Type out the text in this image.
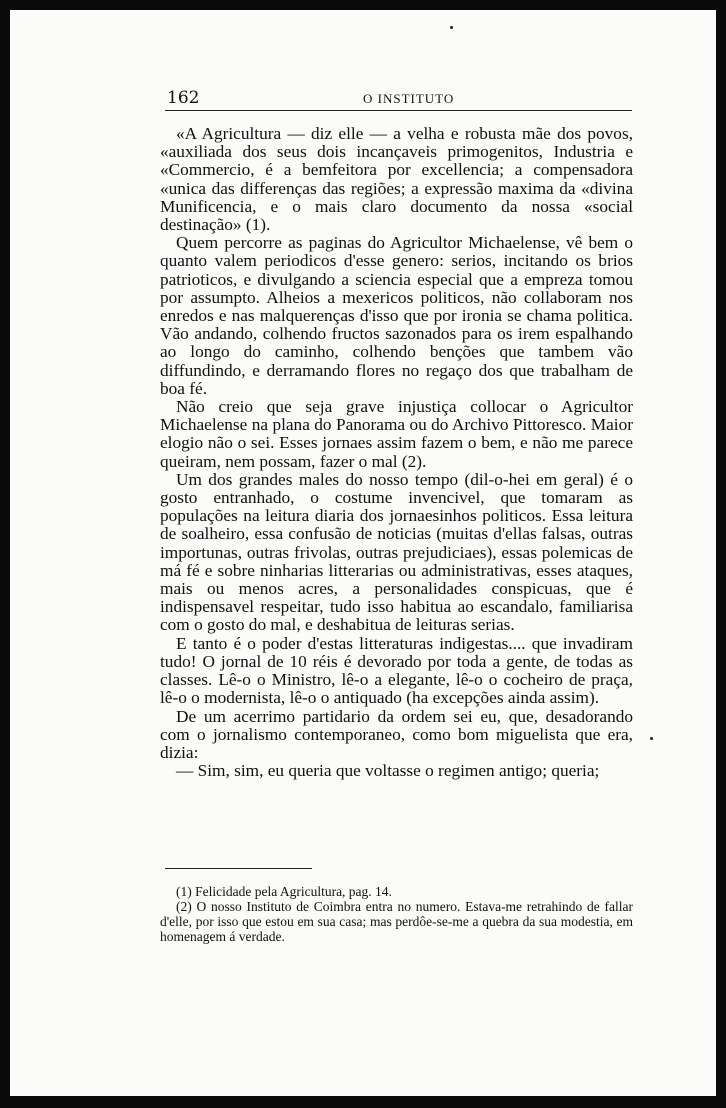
162	O INSTITUTO

«A Agricultura — diz elle — a velha e robusta mãe dos povos, «auxiliada dos seus dois incançaveis primogenitos, Industria e «Commercio, é a bemfeitora por excellencia; a compensadora «unica das differenças das regiões; a expressão maxima da «divina Munificencia, e o mais claro documento da nossa «social destinação» (1).

Quem percorre as paginas do Agricultor Michaelense, vê bem o quanto valem periodicos d'esse genero: serios, incitando os brios patrioticos, e divulgando a sciencia especial que a empreza tomou por assumpto. Alheios a mexericos politicos, não collaboram nos enredos e nas malquerenças d'isso que por ironia se chama politica. Vão andando, colhendo fructos sazonados para os irem espalhando ao longo do caminho, colhendo benções que tambem vão diffundindo, e derramando flores no regaço dos que trabalham de boa fé.

Não creio que seja grave injustiça collocar o Agricultor Michaelense na plana do Panorama ou do Archivo Pittoresco. Maior elogio não o sei. Esses jornaes assim fazem o bem, e não me parece queiram, nem possam, fazer o mal (2).

Um dos grandes males do nosso tempo (dil-o-hei em geral) é o gosto entranhado, o costume invencivel, que tomaram as populações na leitura diaria dos jornaesinhos politicos. Essa leitura de soalheiro, essa confusão de noticias (muitas d'ellas falsas, outras importunas, outras frivolas, outras prejudiciaes), essas polemicas de má fé e sobre ninharias litterarias ou administrativas, esses ataques, mais ou menos acres, a personalidades conspicuas, que é indispensavel respeitar, tudo isso habitua ao escandalo, familiarisa com o gosto do mal, e deshabitua de leituras serias.

E tanto é o poder d'estas litteraturas indigestas.... que invadiram tudo! O jornal de 10 réis é devorado por toda a gente, de todas as classes. Lê-o o Ministro, lê-o a elegante, lê-o o cocheiro de praça, lê-o o modernista, lê-o o antiquado (ha excepções ainda assim).

De um acerrimo partidario da ordem sei eu, que, desadorando com o jornalismo contemporaneo, como bom miguelista que era, dizia:

— Sim, sim, eu queria que voltasse o regimen antigo; queria;

(1) Felicidade pela Agricultura, pag. 14.

(2) O nosso Instituto de Coimbra entra no numero. Estava-me retrahindo de fallar d'elle, por isso que estou em sua casa; mas perdôe-se-me a quebra da sua modestia, em homenagem á verdade.
